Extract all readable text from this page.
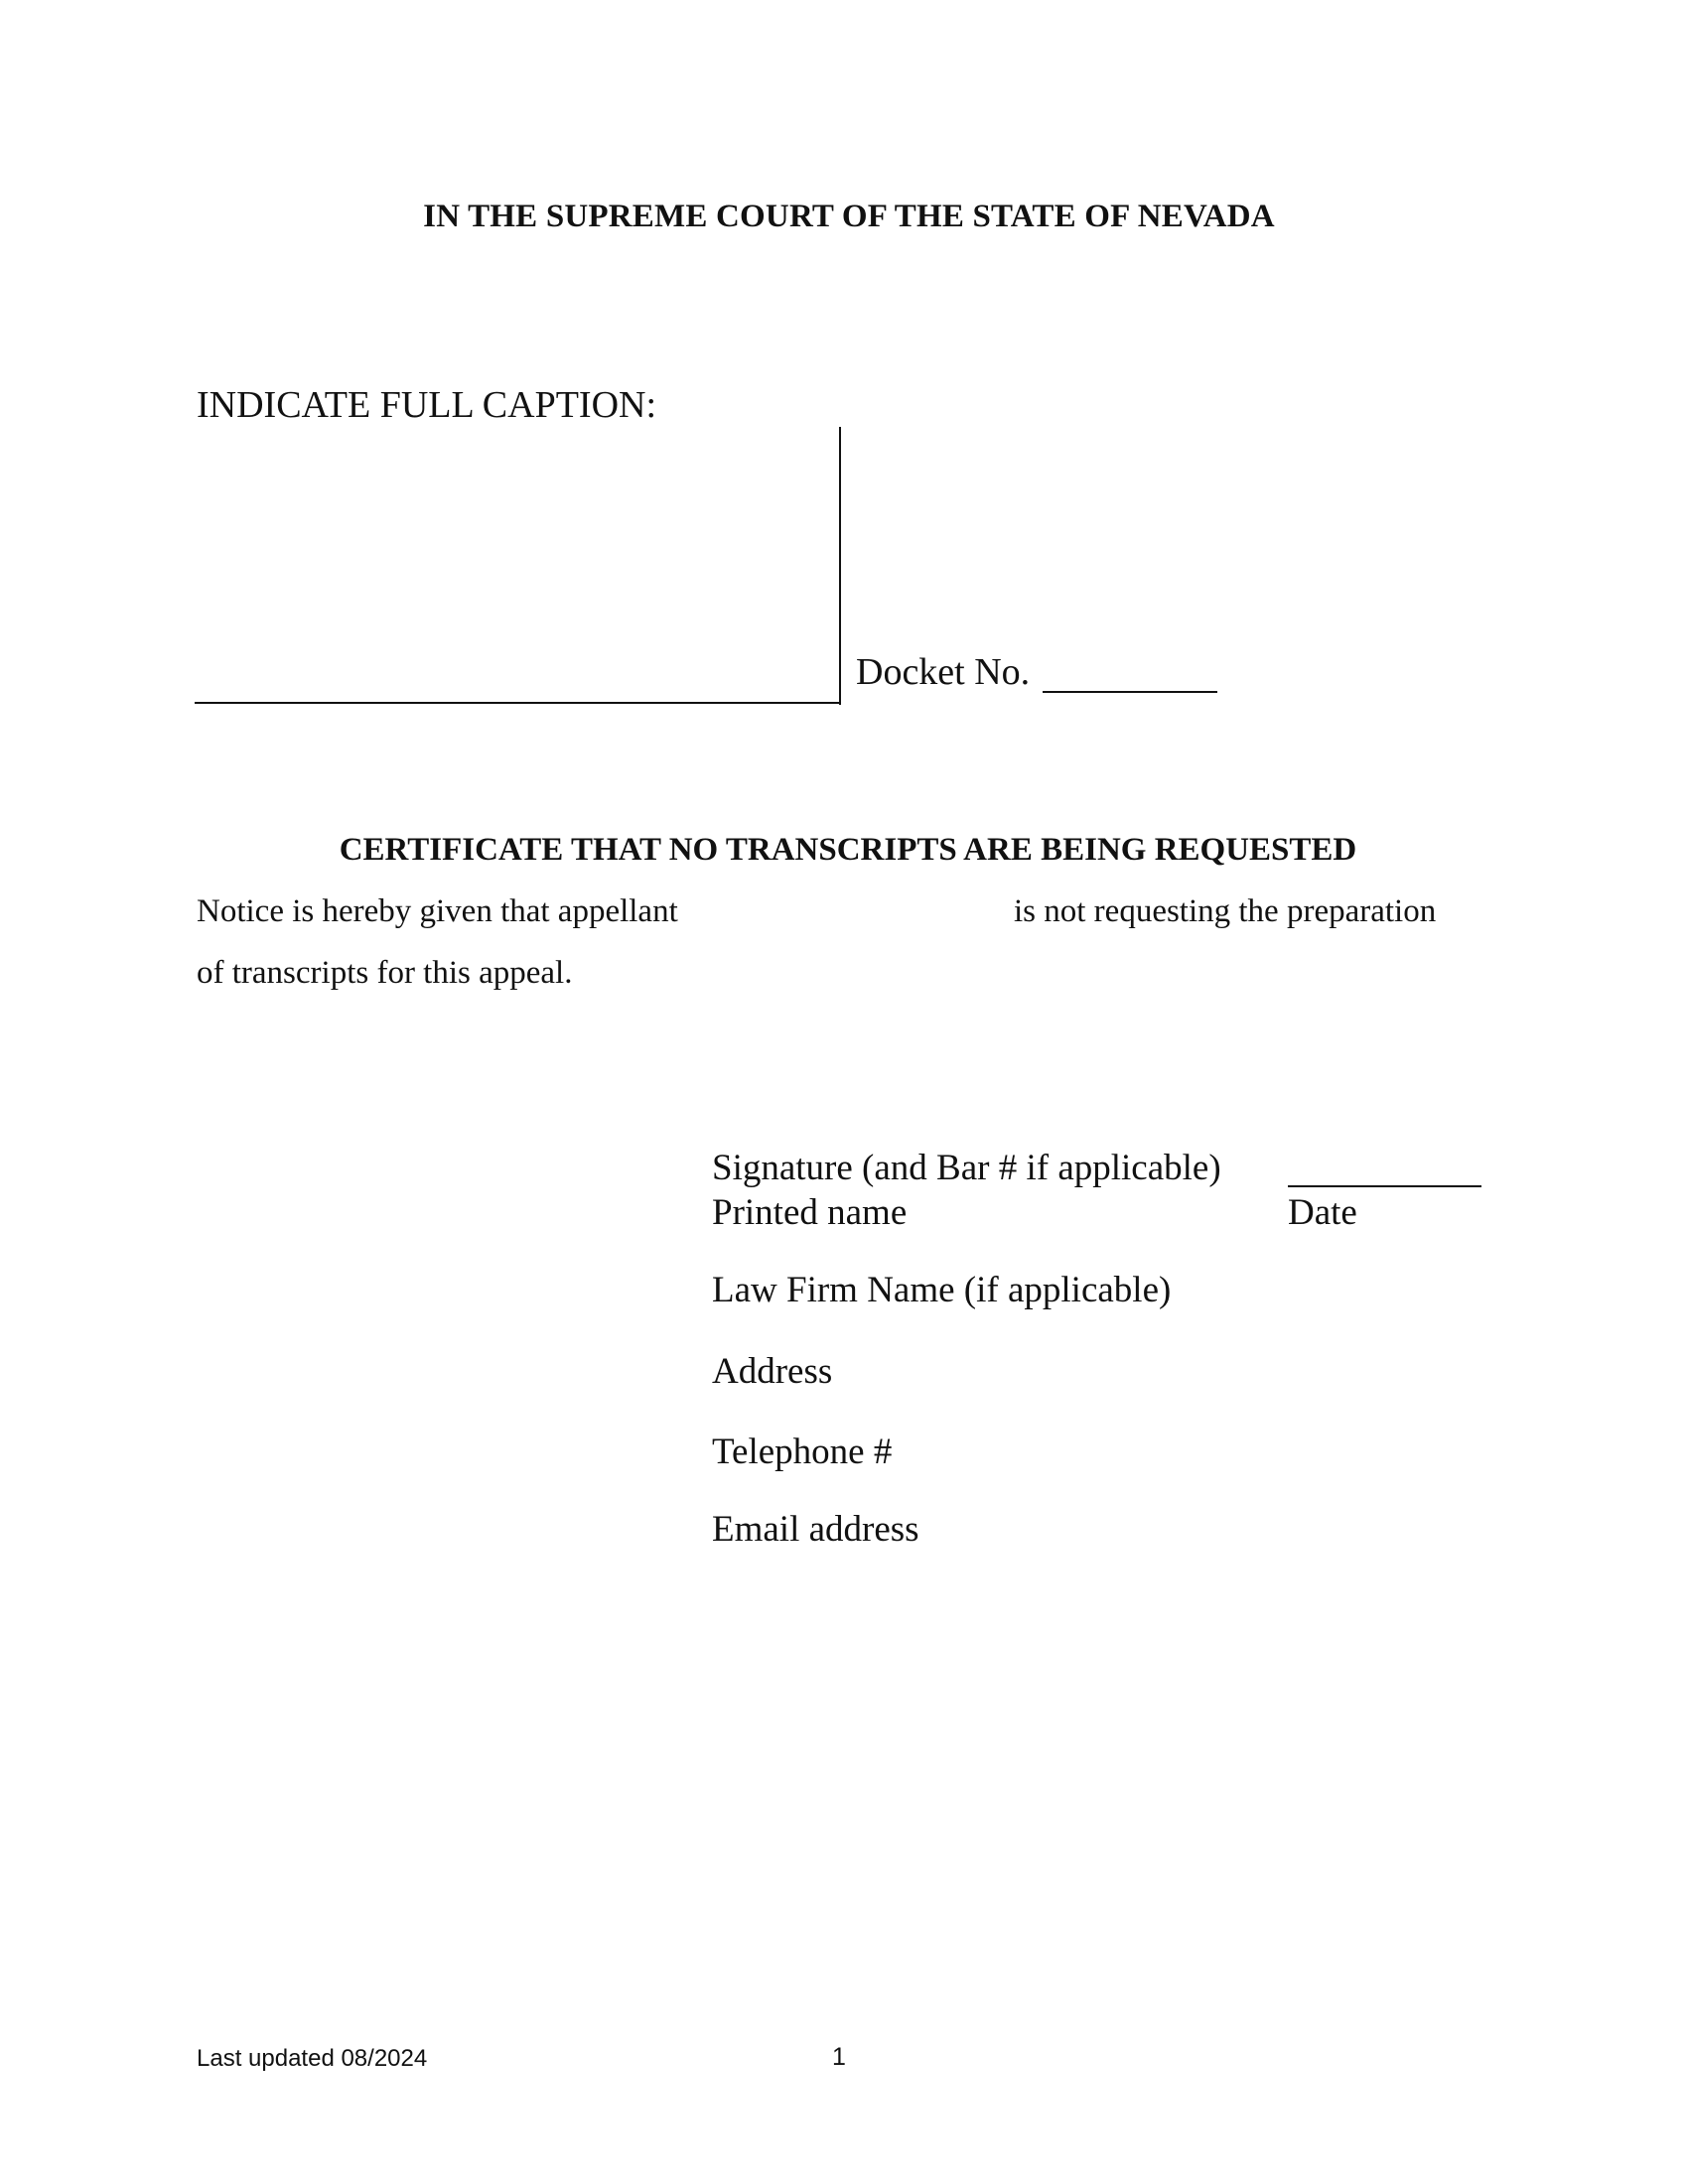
IN THE SUPREME COURT OF THE STATE OF NEVADA
INDICATE FULL CAPTION:
Docket No.
CERTIFICATE THAT NO TRANSCRIPTS ARE BEING REQUESTED
Notice is hereby given that appellant	is not requesting the preparation
of transcripts for this appeal.
Signature (and Bar # if applicable)
Printed name	Date
Law Firm Name (if applicable)
Address
Telephone #
Email address
Last updated 08/2024	1
